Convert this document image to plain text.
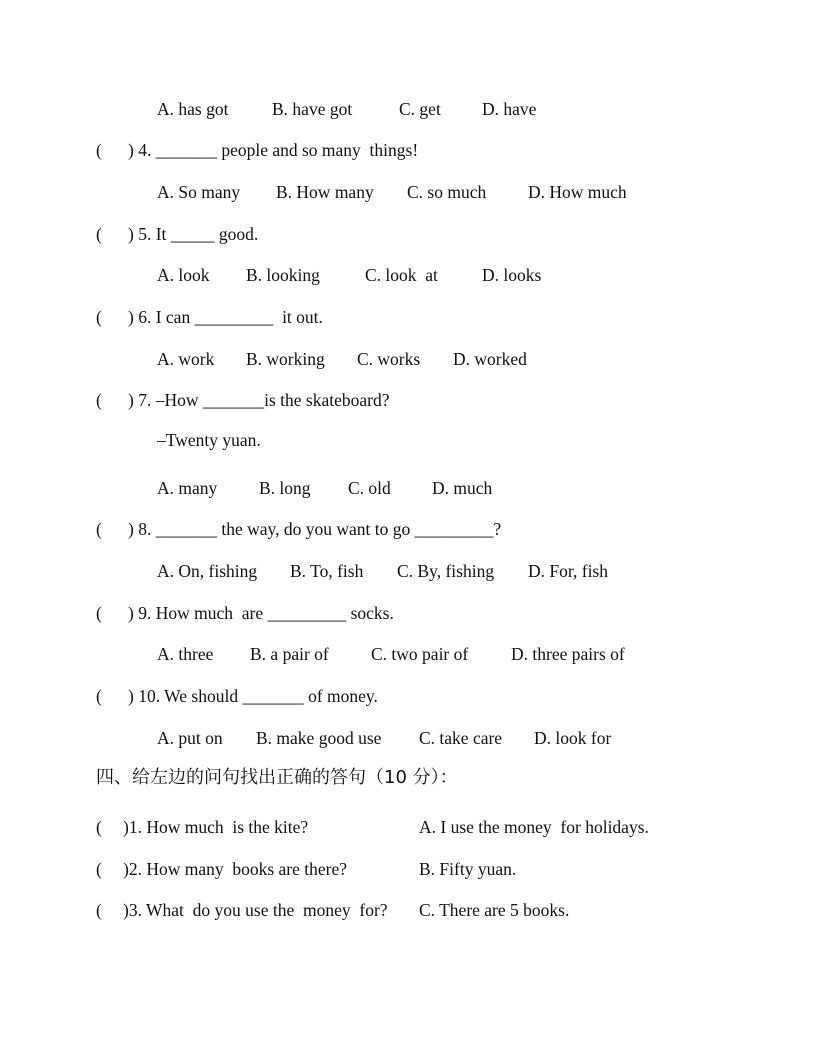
A. has got B. have got	C. get D. have
( ) 4. _______ people and so many  things!
A. So many B. How many C. so much D. How much
( ) 5. It _____ good.
A. look B. looking	C. look  at	D. looks
( ) 6. I can _________  it out.
A. work B. working C. works D. worked
( ) 7. –How _______is the skateboard?
–Twenty yuan.
A. many B. long C. old D. much
( ) 8. _______ the way, do you want to go _________?
A. On, fishing B. To, fish C. By, fishing D. For, fish
( ) 9. How much  are _________ socks.
A. three B. a pair of C. two pair of D. three pairs of
( ) 10. We should _______ of money.
A. put on B. make good use C. take care D. look for
四、给左边的问句找出正确的答句（10 分）：
( )1. How much  is the kite?	A. I use the money  for holidays.
( )2. How many  books are there?	B. Fifty yuan.
( )3. What  do you use the  money  for? C. There are 5 books.
